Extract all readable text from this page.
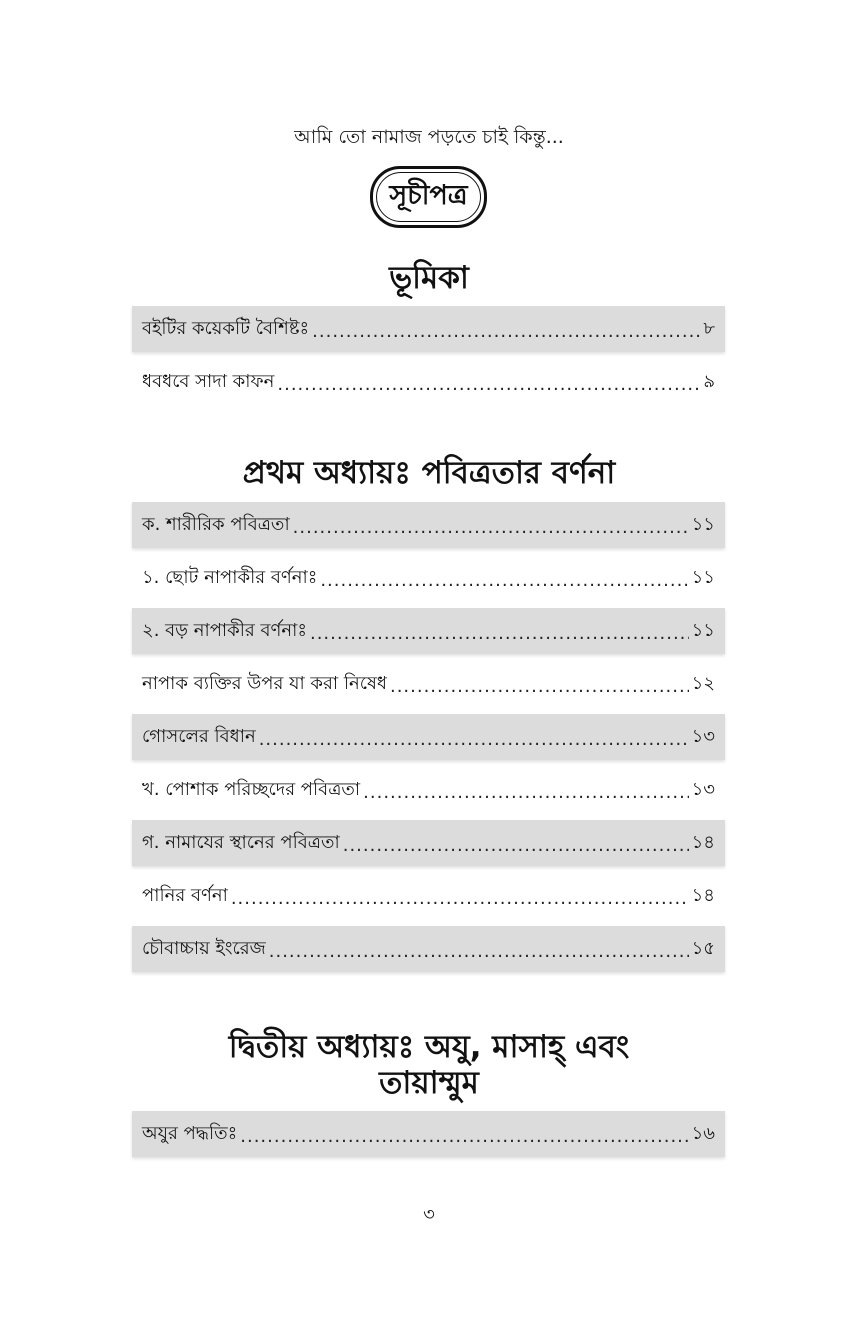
আমি তো নামাজ পড়তে চাই কিন্তু...
সূচীপত্র
ভূমিকা
বইটির কয়েকটি বৈশিষ্টঃ .....	৮
ধবধবে সাদা কাফন .....	৯
প্রথম অধ্যায়ঃ পবিত্রতার বর্ণনা
ক. শারীরিক পবিত্রতা .....	১১
১. ছোট নাপাকীর বর্ণনাঃ .....	১১
২. বড় নাপাকীর বর্ণনাঃ .....	১১
নাপাক ব্যক্তির উপর যা করা নিষেধ .....	১২
গোসলের বিধান .....	১৩
খ. পোশাক পরিচ্ছদের পবিত্রতা .....	১৩
গ. নামাযের স্থানের পবিত্রতা .....	১৪
পানির বর্ণনা .....	১৪
চৌবাচ্চায় ইংরেজ .....	১৫
দ্বিতীয় অধ্যায়ঃ অযু, মাসাহ্ এবং
তায়াম্মুম
অযুর পদ্ধতিঃ .....	১৬
৩
